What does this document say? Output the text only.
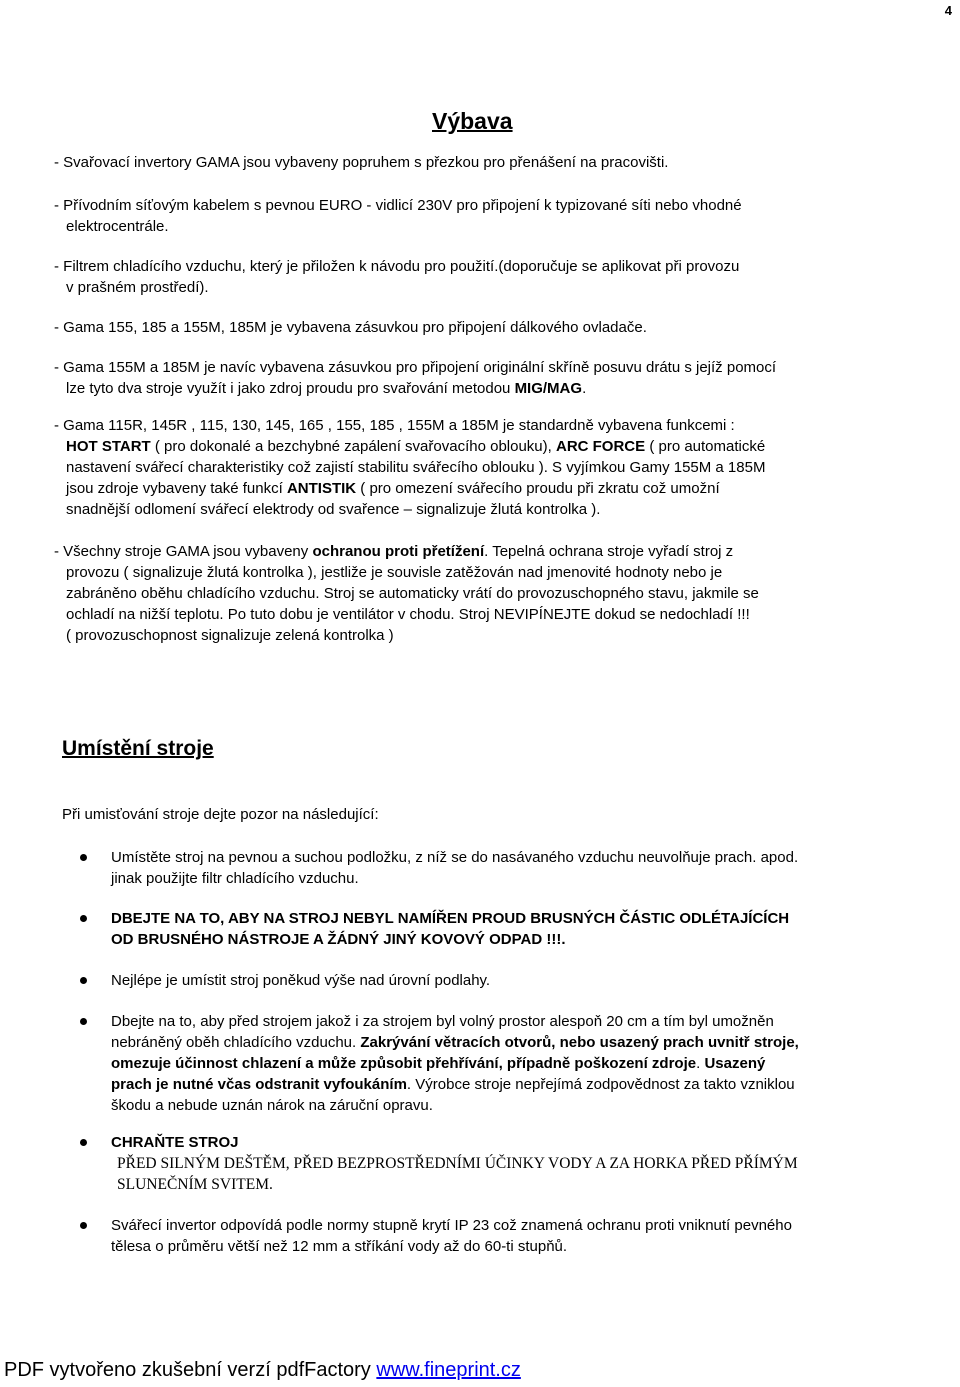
4
Výbava
- Svařovací invertory GAMA jsou vybaveny popruhem s přezkou pro přenášení na pracovišti.
- Přívodním síťovým kabelem s pevnou EURO - vidlicí 230V pro připojení k typizované síti nebo vhodné
elektrocentrále.
- Filtrem chladícího vzduchu, který je přiložen k návodu pro použití.(doporučuje se aplikovat při provozu
v prašném prostředí).
- Gama 155, 185 a 155M, 185M je vybavena zásuvkou pro připojení dálkového ovladače.
- Gama 155M a 185M je navíc vybavena zásuvkou pro připojení originální skříně posuvu drátu s jejíž pomocí
lze tyto dva stroje využít i jako zdroj proudu pro svařování metodou MIG/MAG.
- Gama 115R, 145R , 115, 130, 145, 165 , 155, 185 , 155M a 185M je standardně vybavena funkcemi :
HOT START ( pro dokonalé a bezchybné zapálení svařovacího oblouku), ARC FORCE ( pro automatické
nastavení svářecí charakteristiky což zajistí stabilitu svářecího oblouku ). S vyjímkou Gamy 155M a 185M
jsou zdroje vybaveny také funkcí ANTISTIK ( pro omezení svářecího proudu při zkratu což umožní
snadnější odlomení svářecí elektrody od svařence – signalizuje žlutá kontrolka ).
- Všechny stroje GAMA jsou vybaveny ochranou proti přetížení. Tepelná ochrana stroje vyřadí stroj z
provozu ( signalizuje žlutá kontrolka ), jestliže je souvisle zatěžován nad jmenovité hodnoty nebo je
zabráněno oběhu chladícího vzduchu. Stroj se automaticky vrátí do provozuschopného stavu, jakmile se
ochladí na nižší teplotu. Po tuto dobu je ventilátor v chodu. Stroj NEVIPÍNEJTE dokud se nedochladí !!!
( provozuschopnost signalizuje zelená kontrolka )
Umístění stroje
Při umisťování stroje dejte pozor na následující:
Umístěte stroj na pevnou a suchou podložku, z níž se do nasávaného vzduchu neuvolňuje prach. apod.
jinak použijte filtr chladícího vzduchu.
DBEJTE NA TO, ABY NA STROJ NEBYL NAMÍŘEN PROUD BRUSNÝCH ČÁSTIC ODLÉTAJÍCÍCH
OD BRUSNÉHO NÁSTROJE A ŽÁDNÝ JINÝ KOVOVÝ ODPAD !!!.
Nejlépe je umístit stroj poněkud výše nad úrovní podlahy.
Dbejte na to, aby před strojem jakož i za strojem byl volný prostor alespoň 20 cm a tím byl umožněn
nebráněný oběh chladícího vzduchu. Zakrývání větracích otvorů, nebo usazený prach uvnitř stroje,
omezuje účinnost chlazení a může způsobit přehřívání, případně poškození zdroje. Usazený
prach je nutné včas odstranit vyfoukáním. Výrobce stroje nepřejímá zodpovědnost za takto vzniklou
škodu a nebude uznán nárok na záruční opravu.
CHRAŇTE STROJ
PŘED SILNÝM DEŠTĚM, PŘED BEZPROSTŘEDNÍMI ÚČINKY VODY A ZA HORKA PŘED PŘÍMÝM
SLUNEČNÍM SVITEM.
Svářecí invertor odpovídá podle normy stupně krytí IP 23 což znamená ochranu proti vniknutí pevného
tělesa o průměru větší než 12 mm a stříkání vody až do 60-ti stupňů.
PDF vytvořeno zkušební verzí pdfFactory www.fineprint.cz
